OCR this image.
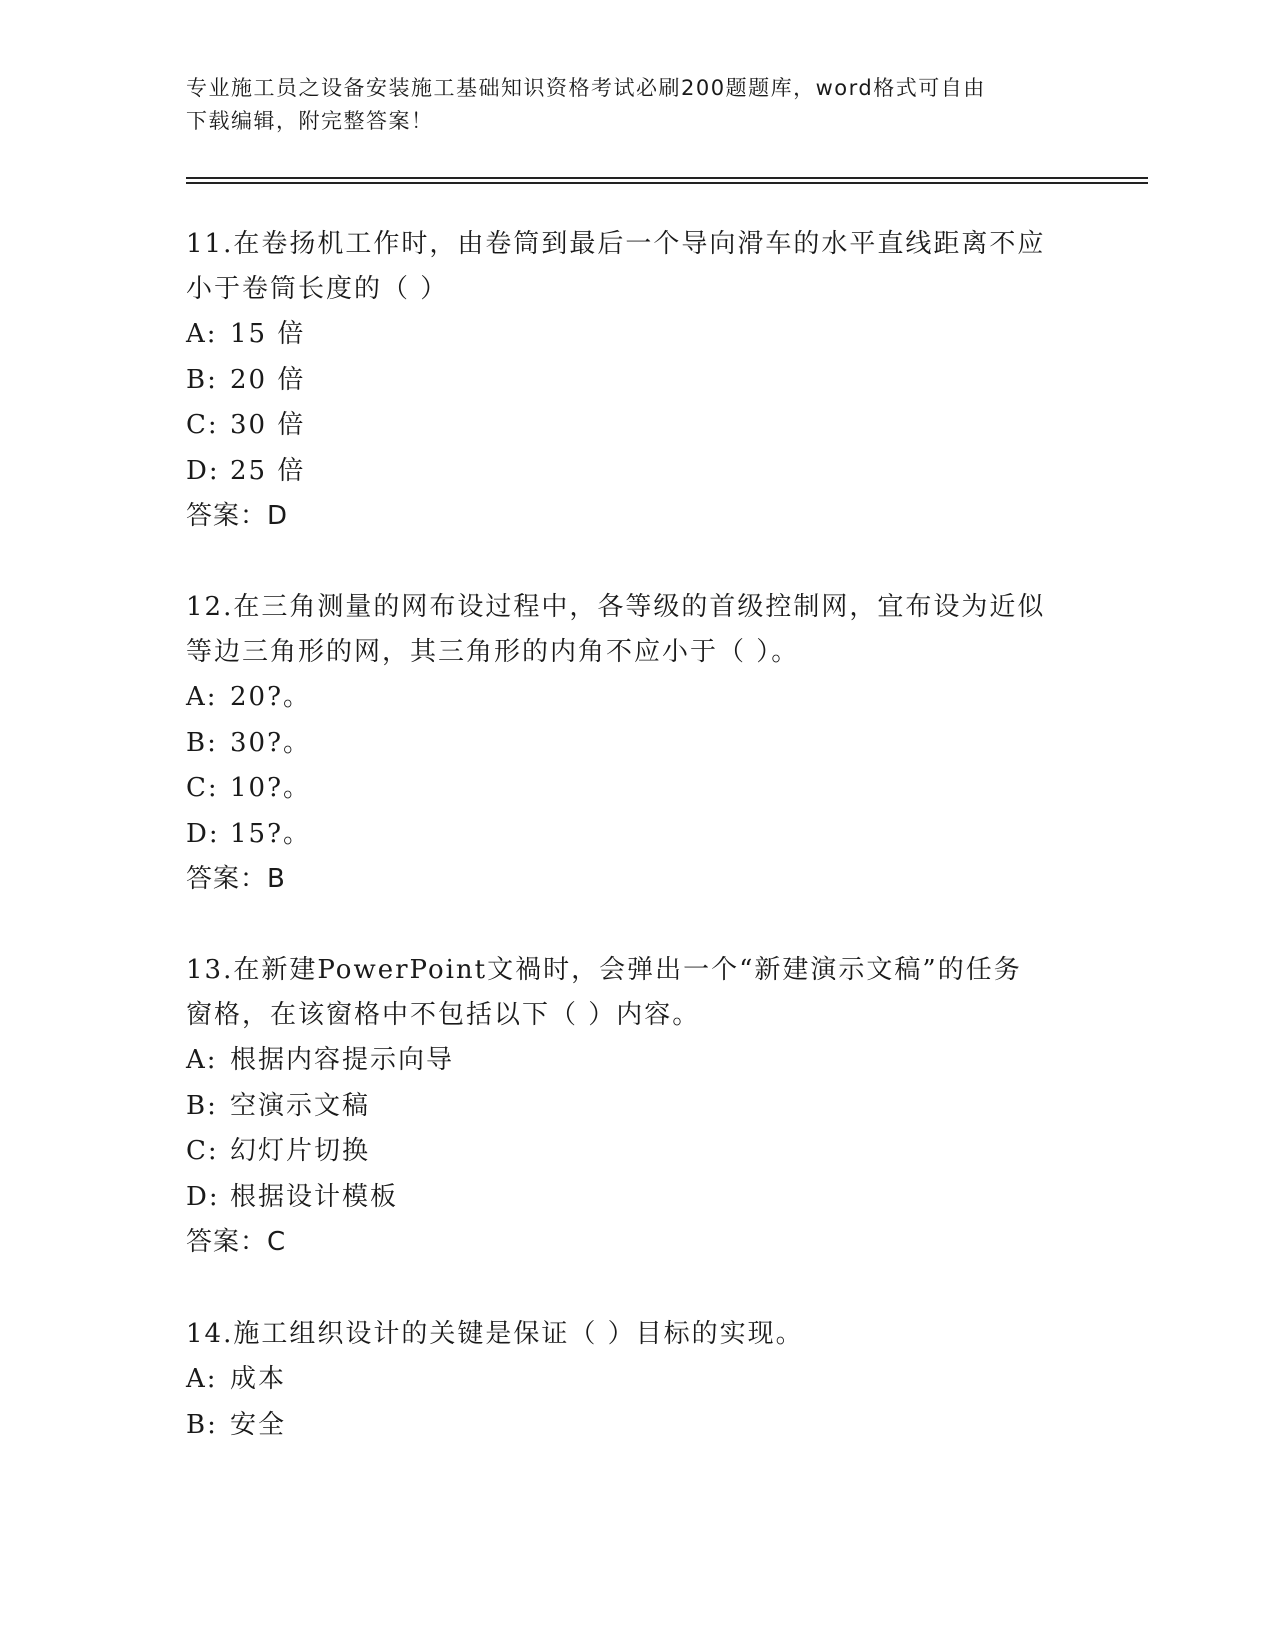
专业施工员之设备安装施工基础知识资格考试必刷200题题库，word格式可自由
下载编辑，附完整答案！

11.在卷扬机工作时，由卷筒到最后一个导向滑车的水平直线距离不应

小于卷筒长度的（ ）

A: 15 倍

B: 20 倍

C: 30 倍

D: 25 倍

答案：D

12.在三角测量的网布设过程中，各等级的首级控制网，宜布设为近似

等边三角形的网，其三角形的内角不应小于（ ）。

A: 20?。

B: 30?。

C: 10?。

D: 15?。

答案：B

13.在新建PowerPoint文禍时，会弹出一个“新建演示文稿”的任务

窗格，在该窗格中不包括以下（ ）内容。

A: 根据内容提示向导

B: 空演示文稿

C: 幻灯片切换

D: 根据设计模板

答案：C

14.施工组织设计的关键是保证（ ）目标的实现。

A: 成本

B: 安全
